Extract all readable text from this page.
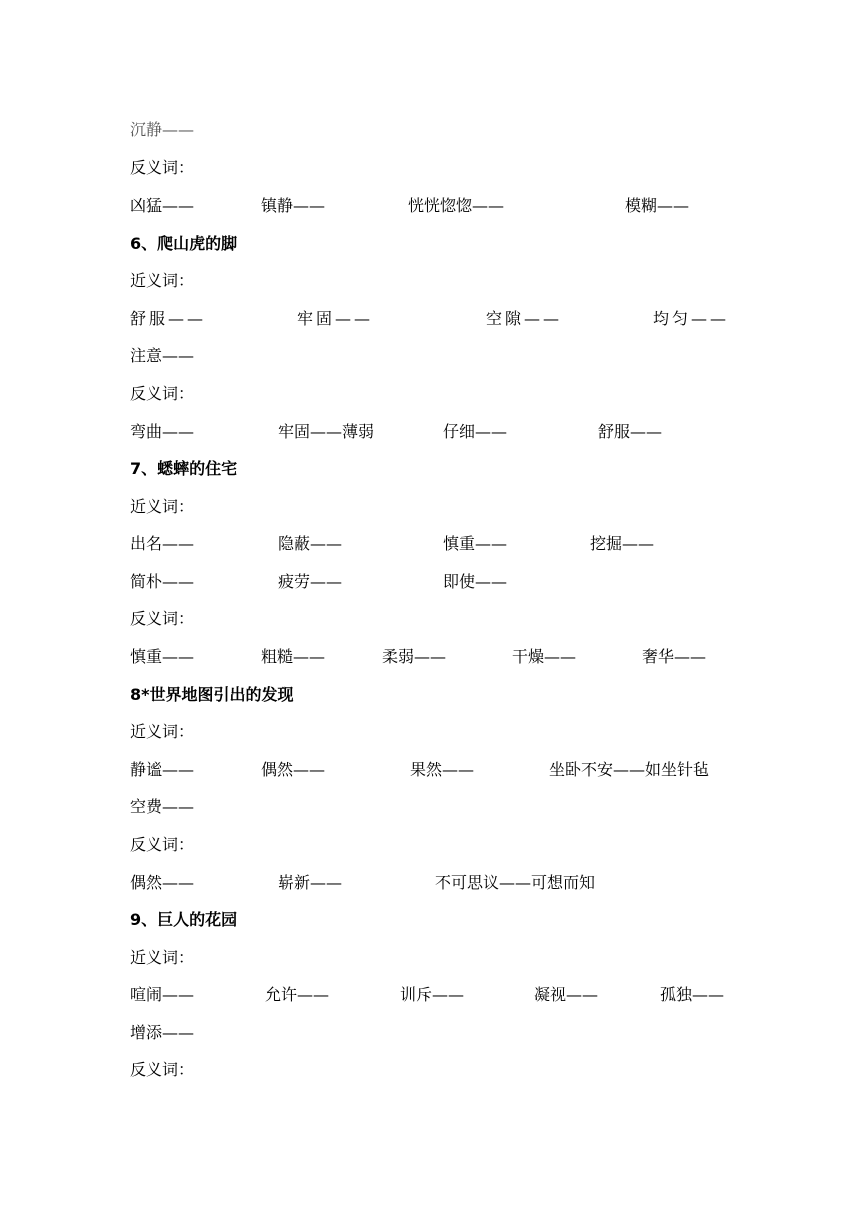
沉静——
反义词：
凶猛——	镇静——	恍恍惚惚——	模糊——
6、爬山虎的脚
近义词：
舒服——	牢固——	空隙——	均匀——
注意——
反义词：
弯曲——	牢固——薄弱	仔细——	舒服——
7、蟋蟀的住宅
近义词：
出名——	隐蔽——	慎重——	挖掘——
简朴——	疲劳——	即使——
反义词：
慎重——	粗糙——	柔弱——	干燥——	奢华——
8*世界地图引出的发现
近义词：
静谧——	偶然——	果然——	坐卧不安——如坐针毡
空费——
反义词：
偶然——	崭新——	不可思议——可想而知
9、巨人的花园
近义词：
喧闹——	允许——	训斥——	凝视——	孤独——
增添——
反义词：
